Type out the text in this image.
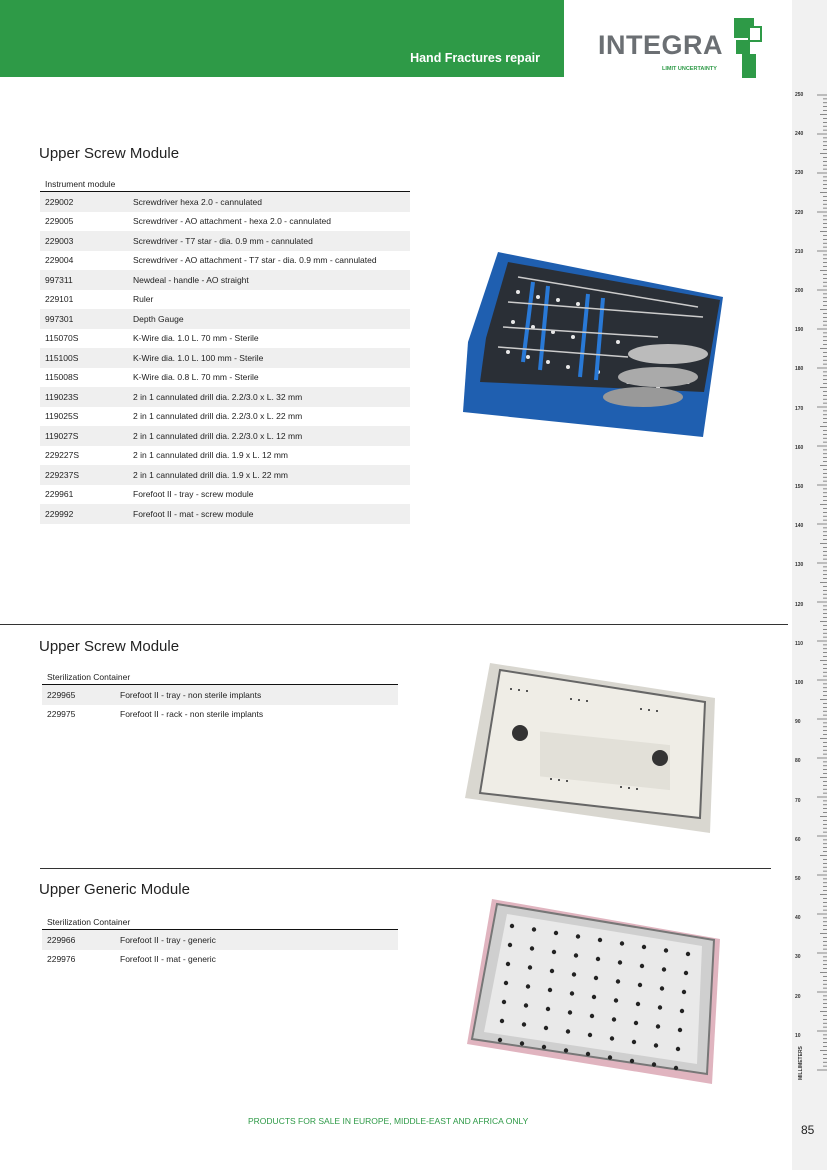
Hand Fractures repair INTEGRA
LIMIT UNCERTAINTY
250
240
230
220
210
200
190
180
170
160
150
140
130
120
110
100
90
80
70
60
50
40
30
20
10
MILLIMETERS
85
Upper Screw Module
Instrument module
229002	Screwdriver hexa 2.0 - cannulated
229005	Screwdriver - AO attachment - hexa 2.0 - cannulated
229003	Screwdriver - T7 star - dia. 0.9 mm - cannulated
229004	Screwdriver - AO attachment - T7 star - dia. 0.9 mm - cannulated
997311	Newdeal - handle - AO straight
229101	Ruler
997301	Depth Gauge
115070S	K-Wire dia. 1.0 L. 70 mm - Sterile
115100S	K-Wire dia. 1.0 L. 100 mm - Sterile
115008S	K-Wire dia. 0.8 L. 70 mm - Sterile
119023S	2 in 1 cannulated drill dia. 2.2/3.0 x L. 32 mm
119025S	2 in 1 cannulated drill dia. 2.2/3.0 x L. 22 mm
119027S	2 in 1 cannulated drill dia. 2.2/3.0 x L. 12 mm
229227S	2 in 1 cannulated drill dia. 1.9 x L. 12 mm
229237S	2 in 1 cannulated drill dia. 1.9 x L. 22 mm
229961	Forefoot II - tray - screw module
229992	Forefoot II - mat - screw module
Upper Screw Module
Sterilization Container
229965	Forefoot II - tray - non sterile implants
229975	Forefoot II - rack - non sterile implants
Upper Generic Module
Sterilization Container
229966	Forefoot II - tray - generic
229976	Forefoot II - mat - generic
PRODUCTS FOR SALE IN EUROPE, MIDDLE-EAST AND AFRICA ONLY
